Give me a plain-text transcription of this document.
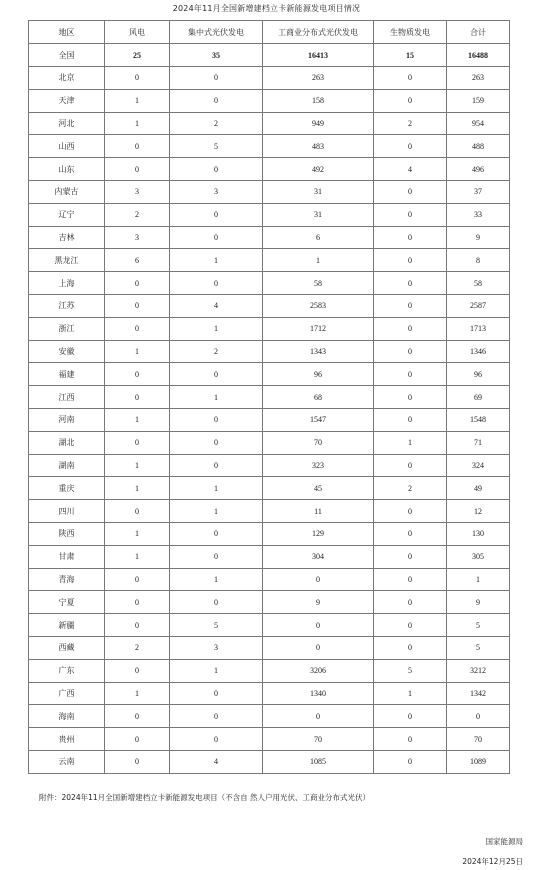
2024年11月全国新增建档立卡新能源发电项目情况
地区	风电	集中式光伏发电	工商业分布式光伏发电	生物质发电	合计
全国	25	35	16413	15	16488
北京	0	0	263	0	263
天津	1	0	158	0	159
河北	1	2	949	2	954
山西	0	5	483	0	488
山东	0	0	492	4	496
内蒙古	3	3	31	0	37
辽宁	2	0	31	0	33
吉林	3	0	6	0	9
黑龙江	6	1	1	0	8
上海	0	0	58	0	58
江苏	0	4	2583	0	2587
浙江	0	1	1712	0	1713
安徽	1	2	1343	0	1346
福建	0	0	96	0	96
江西	0	1	68	0	69
河南	1	0	1547	0	1548
湖北	0	0	70	1	71
湖南	1	0	323	0	324
重庆	1	1	45	2	49
四川	0	1	11	0	12
陕西	1	0	129	0	130
甘肃	1	0	304	0	305
青海	0	1	0	0	1
宁夏	0	0	9	0	9
新疆	0	5	0	0	5
西藏	2	3	0	0	5
广东	0	1	3206	5	3212
广西	1	0	1340	1	1342
海南	0	0	0	0	0
贵州	0	0	70	0	70
云南	0	4	1085	0	1089
附件：2024年11月全国新增建档立卡新能源发电项目（不含自 然人户用光伏、工商业分布式光伏）
国家能源局
2024年12月25日
